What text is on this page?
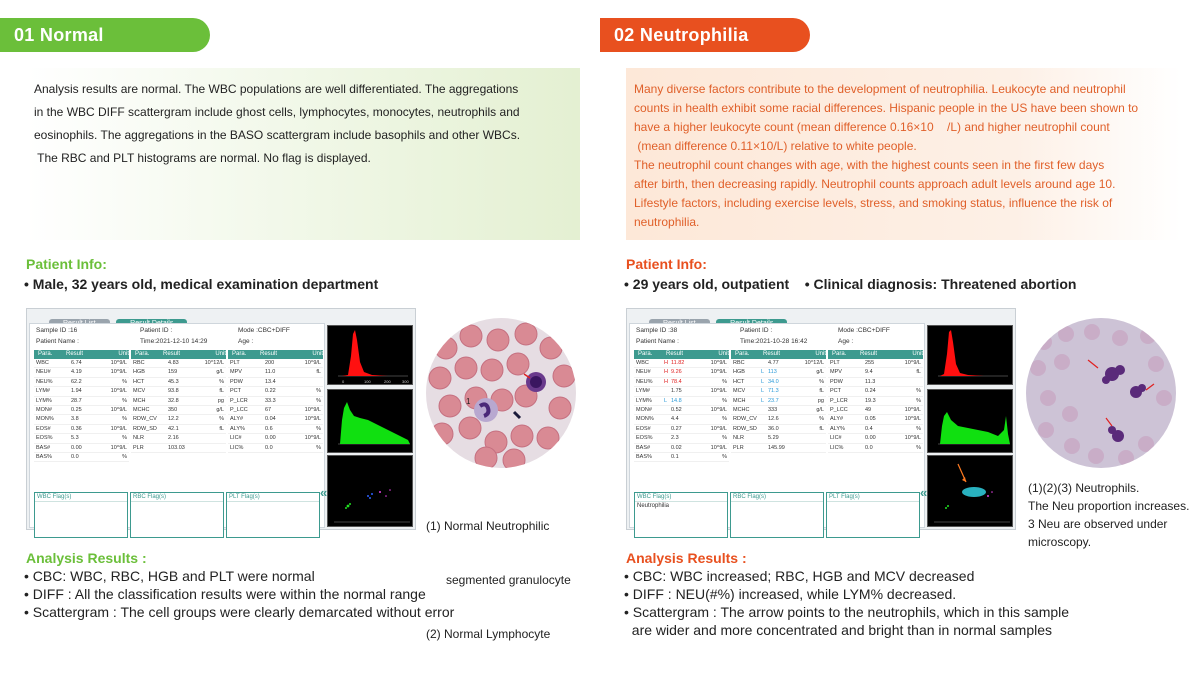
01 Normal

Analysis results are normal. The WBC populations are well differentiated. The aggregations

in the WBC DIFF scattergram include ghost cells, lymphocytes, monocytes, neutrophils and

eosinophils. The aggregations in the BASO scattergram include basophils and other WBCs.

The RBC and PLT histograms are normal. No flag is displayed.

Patient Info:
• Male, 32 years old, medical examination department

Sample ID :16	Patient ID :	Mode :CBC+DIFF
Patient Name :	Time:2021-12-10 14:29	Age :
Para. Result	Unit
WBC	6.74	10^9/L
NEU#	4.19	10^9/L
NEU%	62.2	%
LYM#	1.94	10^9/L
LYM%	28.7	%
MON#	0.25	10^9/L
MON%	3.8	%
EOS#	0.36	10^9/L
EOS%	5.3	%
BAS#	0.00	10^9/L
BAS%	0.0	%
Para. Result	Unit
RBC	4.83	10^12/L
HGB	159	g/L
HCT	45.3	%
MCV	93.8	fL
MCH	32.8	pg
MCHC	350	g/L
RDW_CV 12.2	%
RDW_SD 42.1	fL
NLR	2.16
PLR	103.03
Para. Result	Unit
PLT	200	10^9/L
MPV	11.0	fL
PDW	13.4
PCT	0.22	%
P_LCR	33.3	%
P_LCC	67	10^9/L
ALY#	0.04	10^9/L
ALY%	0.6	%
LIC#	0.00	10^9/L
LIC%	0.0	%
WBC Flag(s)	RBC Flag(s)	PLT Flag(s)	«
0	100	200	300
1

(1) Normal Neutrophilic

segmented granulocyte

(2) Normal Lymphocyte

Analysis Results :
• CBC: WBC, RBC, HGB and PLT were normal
• DIFF : All the classification results were within the normal range
• Scattergram : The cell groups were clearly demarcated without error
02 Neutrophilia

Many diverse factors contribute to the development of neutrophilia. Leukocyte and neutrophil

counts in health exhibit some racial differences. Hispanic people in the US have been shown to

have a higher leukocyte count (mean difference 0.16×10    /L) and higher neutrophil count

(mean difference 0.11×10/L) relative to white people.

The neutrophil count changes with age, with the highest counts seen in the first few days

after birth, then decreasing rapidly. Neutrophil counts approach adult levels around age 10.

Lifestyle factors, including exercise levels, stress, and smoking status, influence the risk of

neutrophilia.

Patient Info:
• 29 years old, outpatient    • Clinical diagnosis: Threatened abortion

Sample ID :38	Patient ID :	Mode :CBC+DIFF
Patient Name :	Time:2021-10-28 16:42	Age :
Para. Result	Unit
WBC	H 11.82	10^9/L
NEU# H 9.26	10^9/L
NEU% H 78.4	%
LYM#	1.75	10^9/L
LYM% L 14.8	%
MON#	0.52	10^9/L
MON%	4.4	%
EOS#	0.27	10^9/L
EOS%	2.3	%
BAS#	0.02	10^9/L
BAS%	0.1	%
Para. Result	Unit
RBC	4.77	10^12/L
HGB	L 113	g/L
HCT	L 34.0	%
MCV	L 71.3	fL
MCH	L 23.7	pg
MCHC	333	g/L
RDW_CV 12.6	%
RDW_SD 36.0	fL
NLR	5.29
PLR	145.99
Para. Result	Unit
PLT	255	10^9/L
MPV	9.4	fL
PDW	11.3
PCT	0.24	%
P_LCR	19.3	%
P_LCC	49	10^9/L
ALY#	0.05	10^9/L
ALY%	0.4	%
LIC#	0.00	10^9/L
LIC%	0.0	%
WBC Flag(s)
Neutrophilia
RBC Flag(s)	PLT Flag(s)	«	(1)(2)(3) Neutrophils.
The Neu proportion increases.
3 Neu are observed under
microscopy.
Analysis Results :
• CBC: WBC increased; RBC, HGB and MCV decreased
• DIFF : NEU(#%) increased, while LYM% decreased.
• Scattergram : The arrow points to the neutrophils, which in this sample
are wider and more concentrated and bright than in normal samples
